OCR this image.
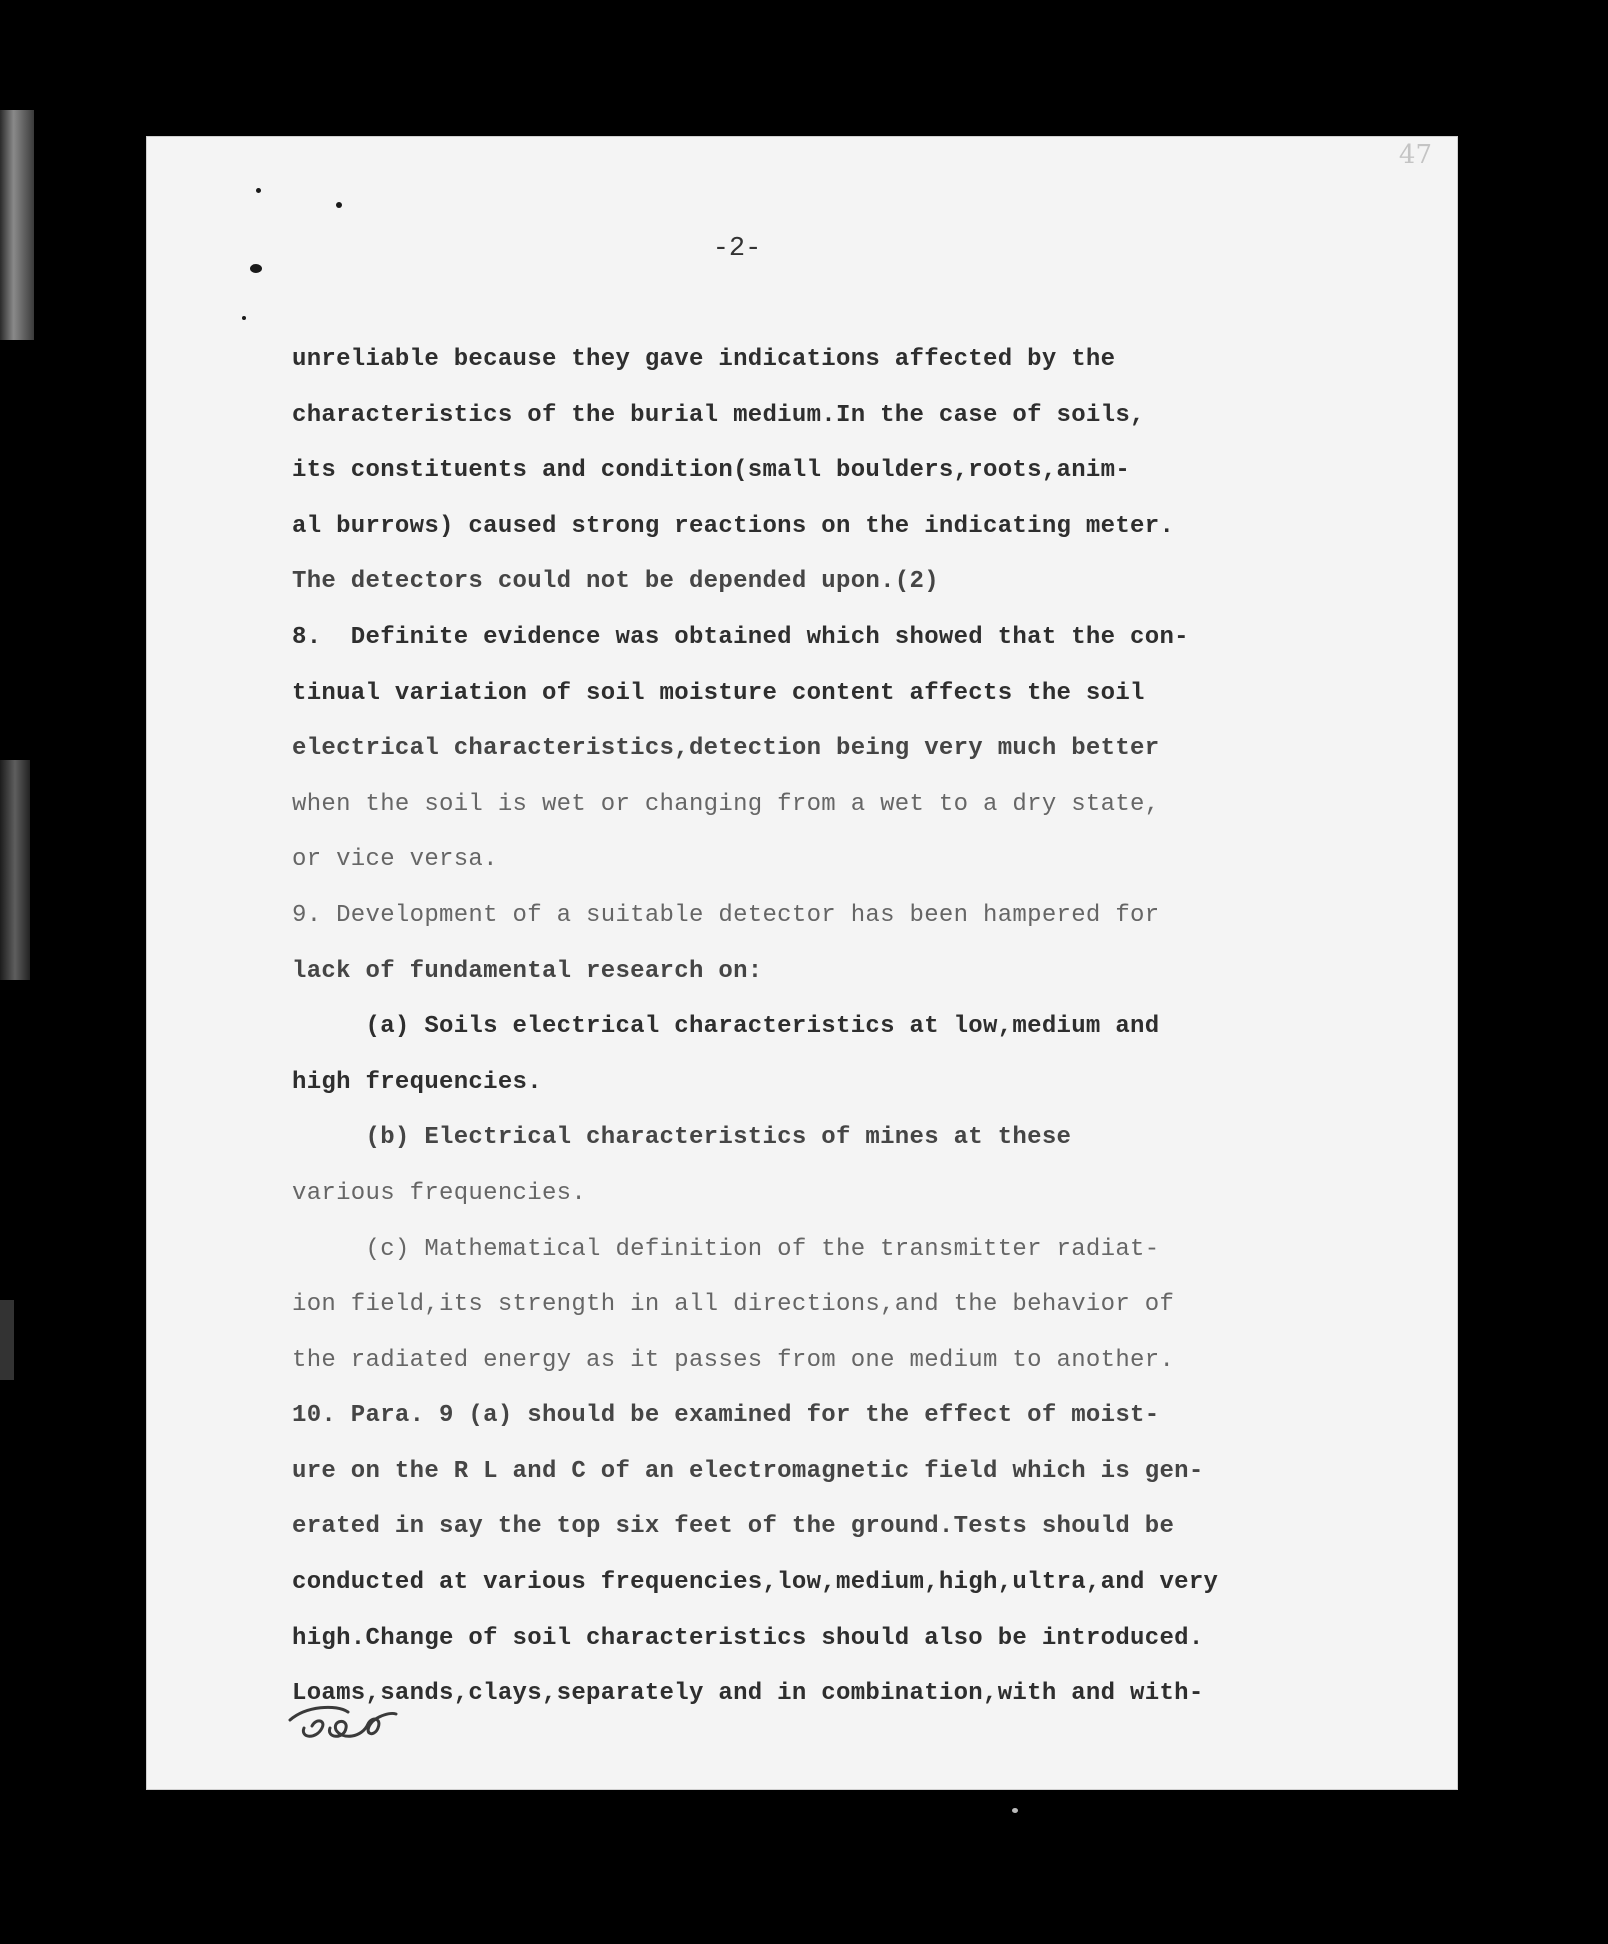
47
-2-
unreliable because they gave indications affected by the
characteristics of the burial medium.In the case of soils,
its constituents and condition(small boulders,roots,anim-
al burrows) caused strong reactions on the indicating meter.
The detectors could not be depended upon.(2)
8.  Definite evidence was obtained which showed that the con-
tinual variation of soil moisture content affects the soil
electrical characteristics,detection being very much better
when the soil is wet or changing from a wet to a dry state,
or vice versa.
9. Development of a suitable detector has been hampered for
lack of fundamental research on:
(a) Soils electrical characteristics at low,medium and
high frequencies.
(b) Electrical characteristics of mines at these
various frequencies.
(c) Mathematical definition of the transmitter radiat-
ion field,its strength in all directions,and the behavior of
the radiated energy as it passes from one medium to another.
10. Para. 9 (a) should be examined for the effect of moist-
ure on the R L and C of an electromagnetic field which is gen-
erated in say the top six feet of the ground.Tests should be
conducted at various frequencies,low,medium,high,ultra,and very
high.Change of soil characteristics should also be introduced.
Loams,sands,clays,separately and in combination,with and with-
